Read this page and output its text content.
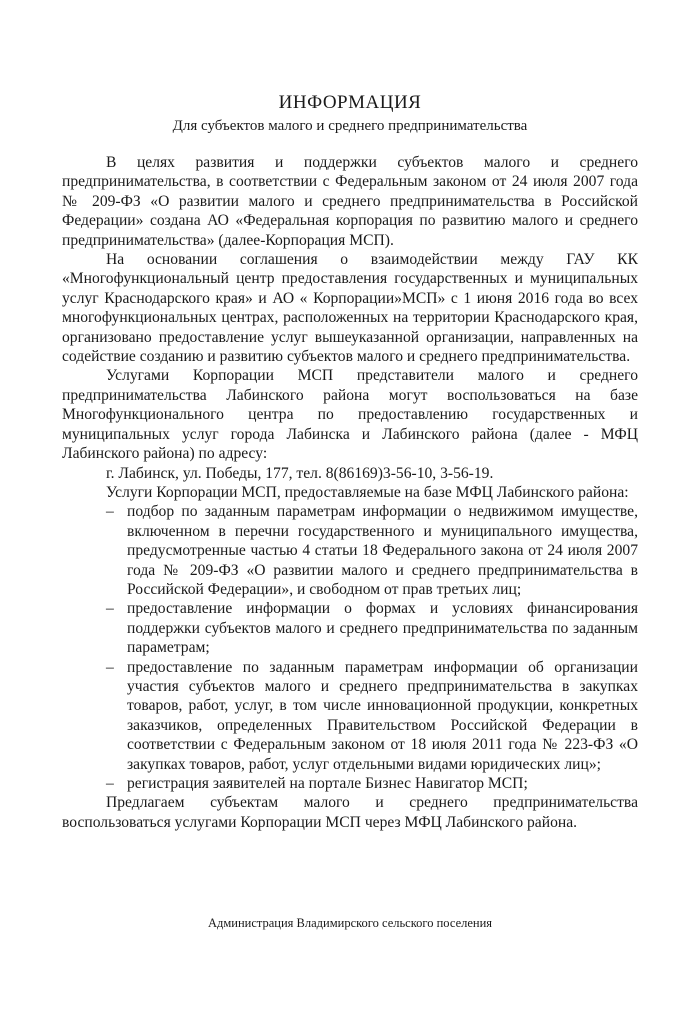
ИНФОРМАЦИЯ
Для субъектов малого и среднего предпринимательства

В целях развития и поддержки субъектов малого и среднего предпринимательства, в соответствии с Федеральным законом от 24 июля 2007 года № 209-ФЗ «О развитии малого и среднего предпринимательства в Российской Федерации» создана АО «Федеральная корпорация по развитию малого и среднего предпринимательства» (далее-Корпорация МСП).

На основании соглашения о взаимодействии между ГАУ КК «Многофункциональный центр предоставления государственных и муниципальных услуг Краснодарского края» и АО « Корпорации»МСП» с 1 июня 2016 года во всех многофункциональных центрах, расположенных на территории Краснодарского края, организовано предоставление услуг вышеуказанной организации, направленных на содействие созданию и развитию субъектов малого и среднего предпринимательства.

Услугами Корпорации МСП представители малого и среднего предпринимательства Лабинского района могут воспользоваться на базе Многофункционального центра по предоставлению государственных и муниципальных услуг города Лабинска и Лабинского района (далее - МФЦ Лабинского района) по адресу:

г. Лабинск, ул. Победы, 177, тел. 8(86169)3-56-10, 3-56-19.

Услуги Корпорации МСП, предоставляемые на базе МФЦ Лабинского района:

– подбор по заданным параметрам информации о недвижимом имуществе, включенном в перечни государственного и муниципального имущества, предусмотренные частью 4 статьи 18 Федерального закона от 24 июля 2007 года № 209-ФЗ «О развитии малого и среднего предпринимательства в Российской Федерации», и свободном от прав третьих лиц;
– предоставление информации о формах и условиях финансирования поддержки субъектов малого и среднего предпринимательства по заданным параметрам;
– предоставление по заданным параметрам информации об организации участия субъектов малого и среднего предпринимательства в закупках товаров, работ, услуг, в том числе инновационной продукции, конкретных заказчиков, определенных Правительством Российской Федерации в соответствии с Федеральным законом от 18 июля 2011 года № 223-ФЗ «О закупках товаров, работ, услуг отдельными видами юридических лиц»;
– регистрация заявителей на портале Бизнес Навигатор МСП;

Предлагаем субъектам малого и среднего предпринимательства воспользоваться услугами Корпорации МСП через МФЦ Лабинского района.

Администрация Владимирского сельского поселения
